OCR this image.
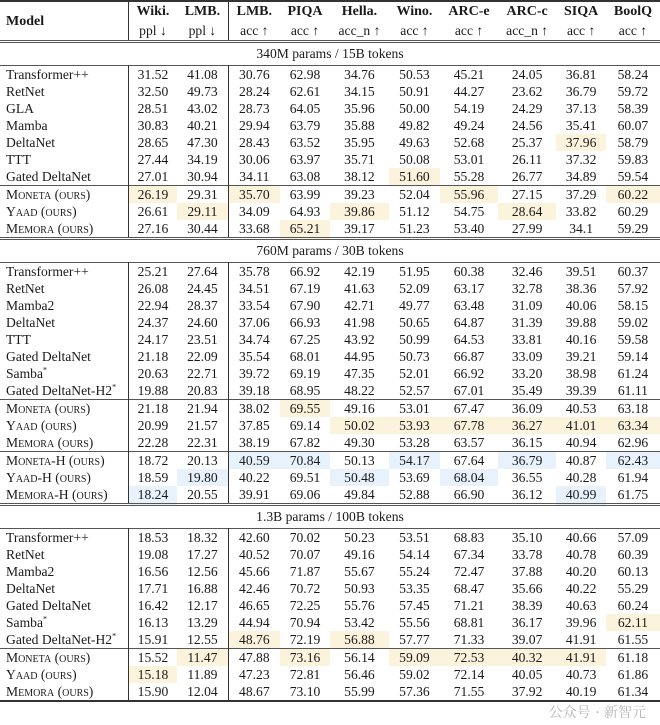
Model	Wiki.	LMB.	LMB.	PIQA	Hella.	Wino.	ARC-e	ARC-c	SIQA	BoolQ
	ppl ↓	ppl ↓	acc ↑	acc ↑	acc_n ↑	acc ↑	acc ↑	acc_n ↑	acc ↑	acc ↑
340M params / 15B tokens										
Transformer++	31.52	41.08	30.76	62.98	34.76	50.53	45.21	24.05	36.81	58.24
RetNet	32.50	49.73	28.24	62.61	34.15	50.91	44.27	23.62	36.79	59.72
GLA	28.51	43.02	28.73	64.05	35.96	50.00	54.19	24.29	37.13	58.39
Mamba	30.83	40.21	29.94	63.79	35.88	49.82	49.24	24.56	35.41	60.07
DeltaNet	28.65	47.30	28.43	63.52	35.95	49.63	52.68	25.37	37.96	58.79
TTT	27.44	34.19	30.06	63.97	35.71	50.08	53.01	26.11	37.32	59.83
Gated DeltaNet	27.01	30.94	34.11	63.08	38.12	51.60	55.28	26.77	34.89	59.54
Moneta (ours)	26.19	29.31	35.70	63.99	39.23	52.04	55.96	27.15	37.29	60.22
Yaad (ours)	26.61	29.11	34.09	64.93	39.86	51.12	54.75	28.64	33.82	60.29
Memora (ours)	27.16	30.44	33.68	65.21	39.17	51.23	53.40	27.99	34.1	59.29
760M params / 30B tokens										
Transformer++	25.21	27.64	35.78	66.92	42.19	51.95	60.38	32.46	39.51	60.37
RetNet	26.08	24.45	34.51	67.19	41.63	52.09	63.17	32.78	38.36	57.92
Mamba2	22.94	28.37	33.54	67.90	42.71	49.77	63.48	31.09	40.06	58.15
DeltaNet	24.37	24.60	37.06	66.93	41.98	50.65	64.87	31.39	39.88	59.02
TTT	24.17	23.51	34.74	67.25	43.92	50.99	64.53	33.81	40.16	59.58
Gated DeltaNet	21.18	22.09	35.54	68.01	44.95	50.73	66.87	33.09	39.21	59.14
Samba*	20.63	22.71	39.72	69.19	47.35	52.01	66.92	33.20	38.98	61.24
Gated DeltaNet-H2*	19.88	20.83	39.18	68.95	48.22	52.57	67.01	35.49	39.39	61.11
Moneta (ours)	21.18	21.94	38.02	69.55	49.16	53.01	67.47	36.09	40.53	63.18
Yaad (ours)	20.99	21.57	37.85	69.14	50.02	53.93	67.78	36.27	41.01	63.34
Memora (ours)	22.28	22.31	38.19	67.82	49.30	53.28	63.57	36.15	40.94	62.96
Moneta-H (ours)	18.72	20.13	40.59	70.84	50.13	54.17	67.64	36.79	40.87	62.43
Yaad-H (ours)	18.59	19.80	40.22	69.51	50.48	53.69	68.04	36.55	40.28	61.94
Memora-H (ours)	18.24	20.55	39.91	69.06	49.84	52.88	66.90	36.12	40.99	61.75
1.3B params / 100B tokens										
Transformer++	18.53	18.32	42.60	70.02	50.23	53.51	68.83	35.10	40.66	57.09
RetNet	19.08	17.27	40.52	70.07	49.16	54.14	67.34	33.78	40.78	60.39
Mamba2	16.56	12.56	45.66	71.87	55.67	55.24	72.47	37.88	40.20	60.13
DeltaNet	17.71	16.88	42.46	70.72	50.93	53.35	68.47	35.66	40.22	55.29
Gated DeltaNet	16.42	12.17	46.65	72.25	55.76	57.45	71.21	38.39	40.63	60.24
Samba*	16.13	13.29	44.94	70.94	53.42	55.56	68.81	36.17	39.96	62.11
Gated DeltaNet-H2*	15.91	12.55	48.76	72.19	56.88	57.77	71.33	39.07	41.91	61.55
Moneta (ours)	15.52	11.47	47.88	73.16	56.14	59.09	72.53	40.32	41.91	61.18
Yaad (ours)	15.18	11.89	47.23	72.81	56.46	59.02	72.14	40.05	40.73	61.86
Memora (ours)	15.90	12.04	48.67	73.10	55.99	57.36	71.55	37.92	40.19	61.34
公众号 · 新智元
